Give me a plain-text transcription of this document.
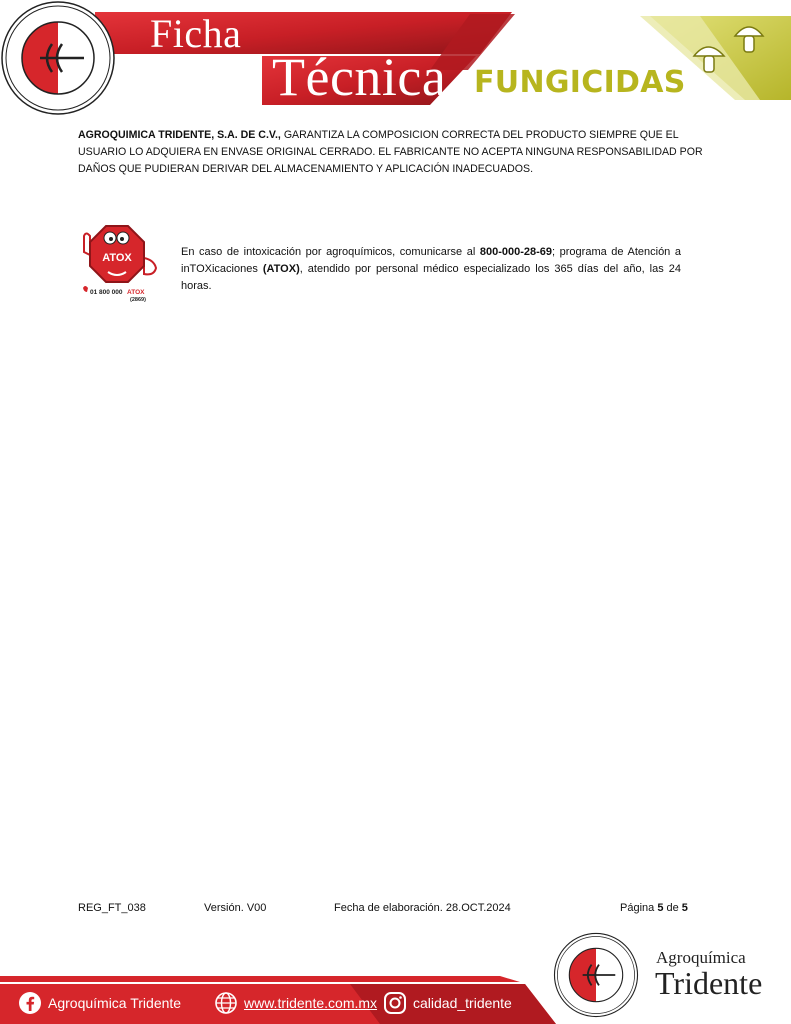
Ficha
Técnica FUNGICIDAS
AGROQUIMICA TRIDENTE, S.A. DE C.V., GARANTIZA LA COMPOSICION CORRECTA DEL PRODUCTO SIEMPRE QUE EL USUARIO LO ADQUIERA EN ENVASE ORIGINAL CERRADO. EL FABRICANTE NO ACEPTA NINGUNA RESPONSABILIDAD POR DAÑOS QUE PUDIERAN DERIVAR DEL ALMACENAMIENTO Y APLICACIÓN INADECUADOS.
ATOX
01 800 000 ATOX
(2869)
En caso de intoxicación por agroquímicos, comunicarse al 800-000-28-69; programa de Atención a inTOXicaciones (ATOX), atendido por personal médico especializado los 365 días del año, las 24 horas.
REG_FT_038	Versión. V00	Fecha de elaboración. 28.OCT.2024	Página 5 de 5
Agroquímica Tridente	www.tridente.com.mx	calidad_tridente
Agroquímica
Tridente
